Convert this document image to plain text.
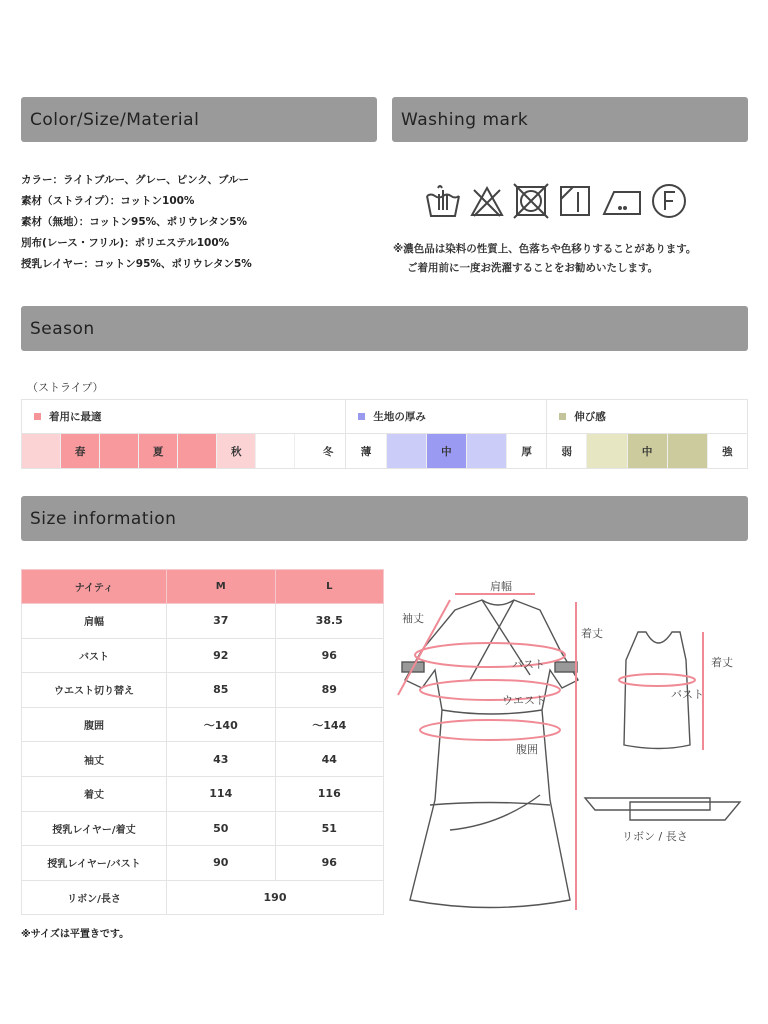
Color/Size/Material	Washing mark
Season
Size information
カラー：ライトブルー、グレー、ピンク、ブルー
素材（ストライプ）：コットン100%
素材（無地）：コットン95%、ポリウレタン5%
別布(レース・フリル)：ポリエステル100%
授乳レイヤー：コットン95%、ポリウレタン5%
※濃色品は染料の性質上、色落ちや色移りすることがあります。
ご着用前に一度お洗濯することをお勧めいたします。
（ストライプ）
着用に最適
春	夏	秋	冬
生地の厚み
薄	中	厚
伸び感
弱	中	強
ナイティ	M	L
肩幅	37	38.5
バスト	92	96
ウエスト切り替え	85	89
腹囲	～140	～144
袖丈	43	44
着丈	114	116
授乳レイヤー/着丈	50	51
授乳レイヤー/バスト	90	96
リボン/長さ	190	
※サイズは平置きです。
肩幅
袖丈
着丈
バスト
ウエスト
腹囲
着丈
バスト
リボン / 長さ
